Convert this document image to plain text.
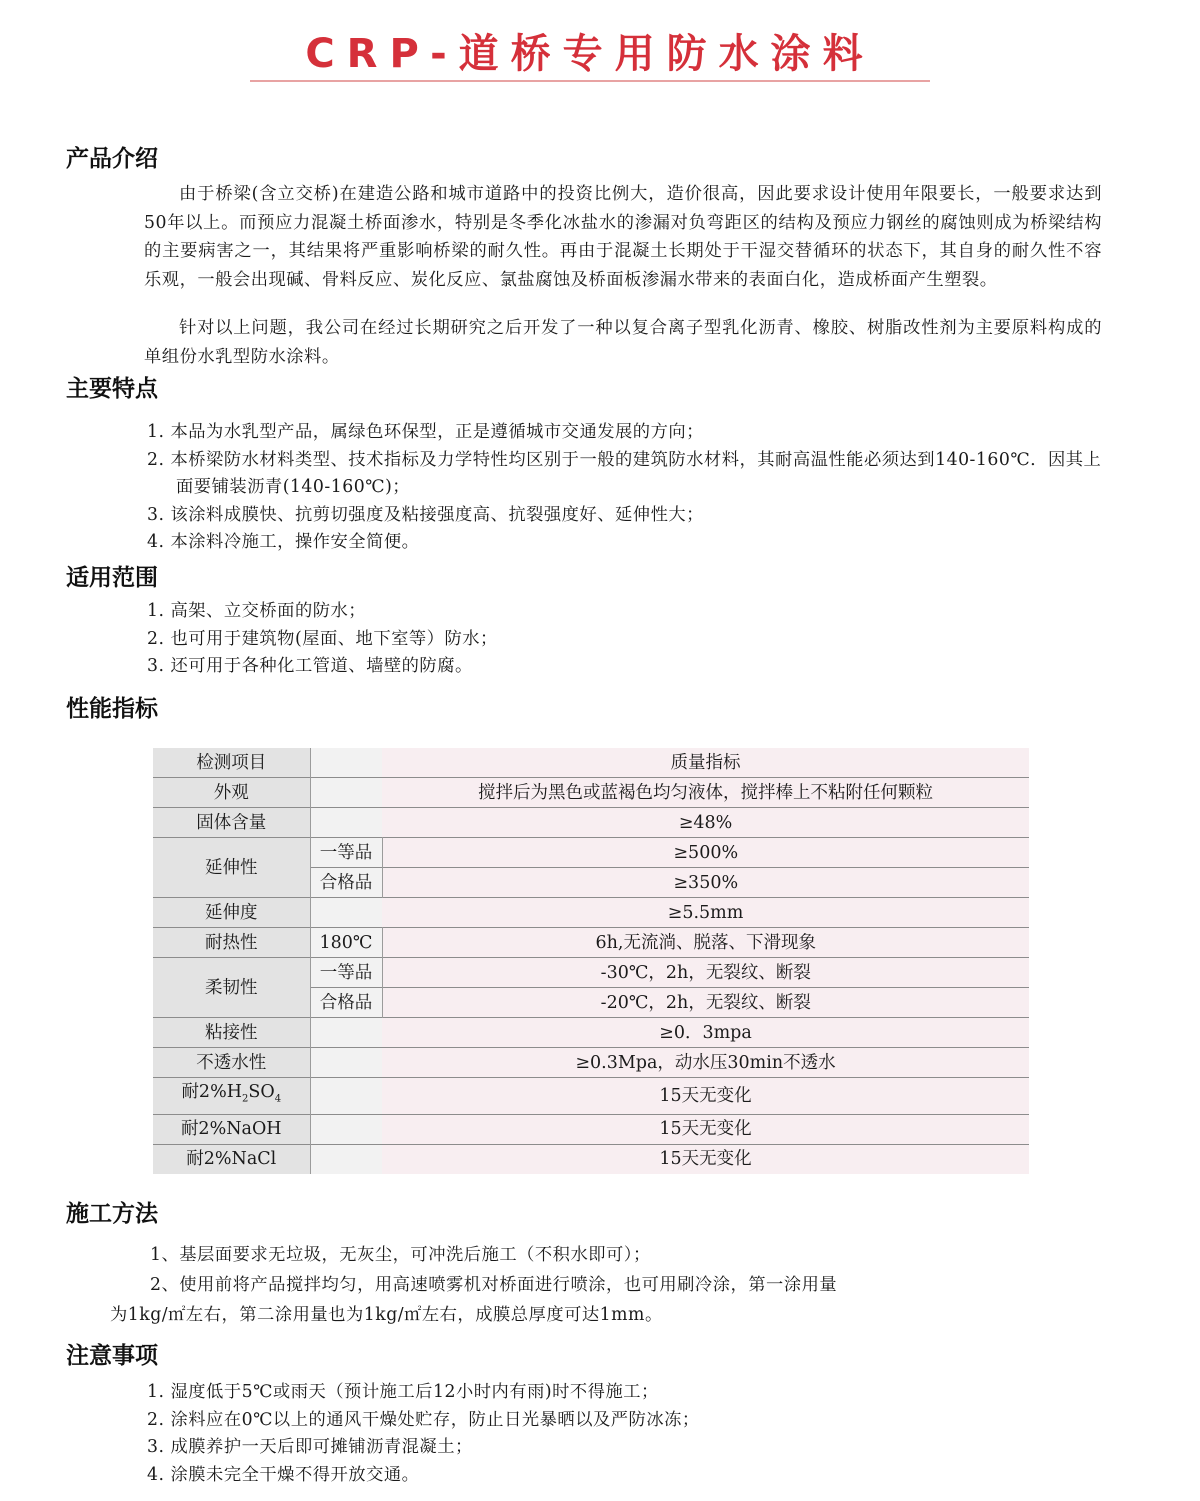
CRP-道桥专用防水涂料
产品介绍

由于桥梁(含立交桥)在建造公路和城市道路中的投资比例大，造价很高，因此要求设计使用年限要长，一般要求达到50年以上。而预应力混凝土桥面渗水，特别是冬季化冰盐水的渗漏对负弯距区的结构及预应力钢丝的腐蚀则成为桥梁结构的主要病害之一，其结果将严重影响桥梁的耐久性。再由于混凝土长期处于干湿交替循环的状态下，其自身的耐久性不容乐观，一般会出现碱、骨料反应、炭化反应、氯盐腐蚀及桥面板渗漏水带来的表面白化，造成桥面产生塑裂。

针对以上问题，我公司在经过长期研究之后开发了一种以复合离子型乳化沥青、橡胶、树脂改性剂为主要原料构成的单组份水乳型防水涂料。

主要特点
1. 本品为水乳型产品，属绿色环保型，正是遵循城市交通发展的方向；
2. 本桥梁防水材料类型、技术指标及力学特性均区别于一般的建筑防水材料，其耐高温性能必须达到140-160℃．因其上面要铺装沥青(140-160℃)；
3. 该涂料成膜快、抗剪切强度及粘接强度高、抗裂强度好、延伸性大；
4. 本涂料冷施工，操作安全简便。
适用范围
1. 高架、立交桥面的防水；
2. 也可用于建筑物(屋面、地下室等）防水；
3. 还可用于各种化工管道、墙壁的防腐。
性能指标
检测项目		质量指标
外观		搅拌后为黑色或蓝褐色均匀液体，搅拌棒上不粘附任何颗粒
固体含量		≥48%
延伸性	一等品	≥500%
	合格品	≥350%
延伸度		≥5.5mm
耐热性	180℃	6h,无流淌、脱落、下滑现象
柔韧性	一等品	-30℃，2h，无裂纹、断裂
	合格品	-20℃，2h，无裂纹、断裂
粘接性		≥0．3mpa
不透水性		≥0.3Mpa，动水压30min不透水
耐$2\%H_2SO_4$		15天无变化
耐2%NaOH		15天无变化
耐2%NaCl		15天无变化
施工方法

1、基层面要求无垃圾，无灰尘，可冲洗后施工（不积水即可）；

2、使用前将产品搅拌均匀，用高速喷雾机对桥面进行喷涂，也可用刷冷涂，第一涂用量

为1kg/㎡左右，第二涂用量也为1kg/㎡左右，成膜总厚度可达1mm。

注意事项
1. 湿度低于5℃或雨天（预计施工后12小时内有雨)时不得施工；
2. 涂料应在0℃以上的通风干燥处贮存，防止日光暴晒以及严防冰冻；
3. 成膜养护一天后即可摊铺沥青混凝土；
4. 涂膜未完全干燥不得开放交通。
